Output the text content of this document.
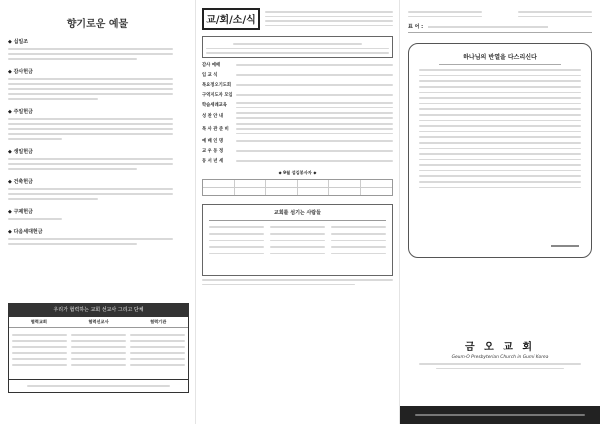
향기로운 예물
◆ 십일조
◆ 감사헌금
◆ 주일헌금
◆ 생일헌금
◆ 건축헌금
◆ 구제헌금
◆ 다음세대헌금
우리가 협력하는 교회 선교사 그리고 단체
협력교회	협력선교사	협력기관
교/회/소/식
감사 예배
입 교 식
목요정오기도회
구역지도자 모임
학습세례교육
성 찬 안 내
목 사 관 준 비
예 배 인 명
교 우 동 정
동 서 년 세
◆ 9월 섬김봉사자 ◆
교회를 섬기는 사람들
표 어 :
하나님의 반열을 다스리신다
금 오 교 회
Geum-O Presbyterian Church in Gumi Korea
